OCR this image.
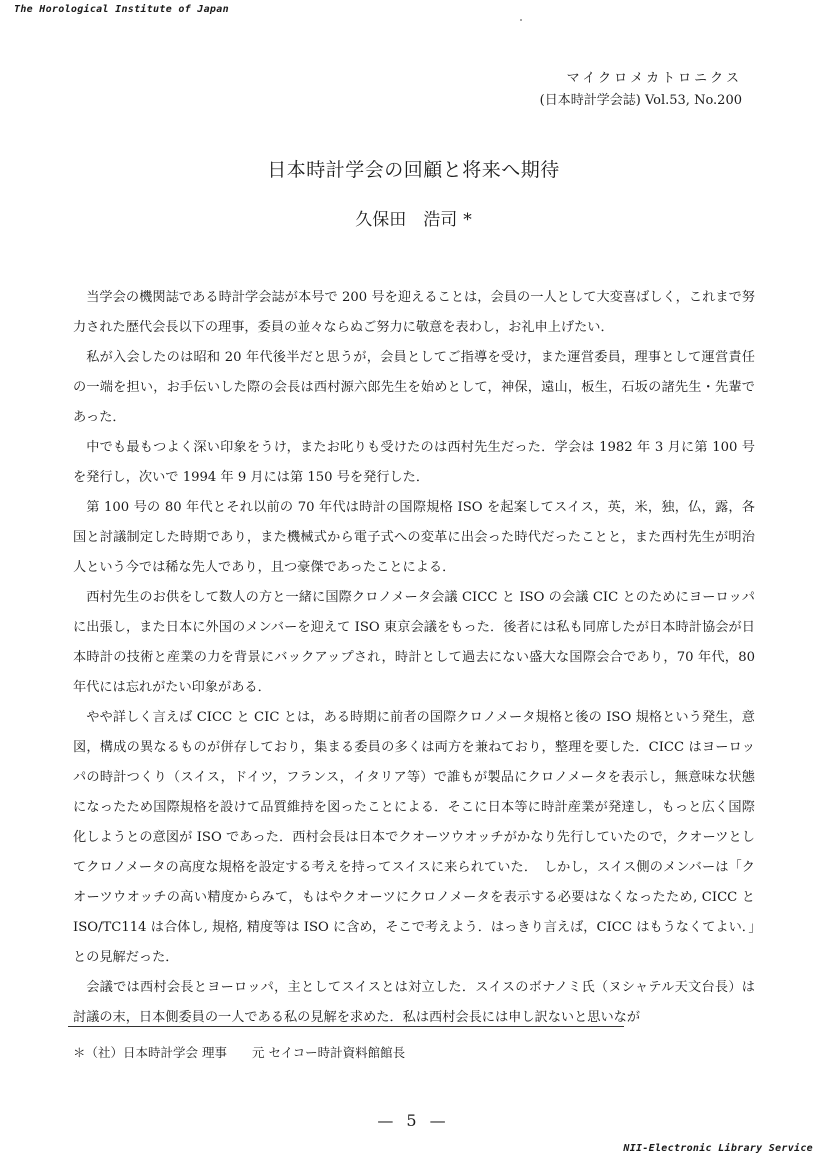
The Horological Institute of Japan
マイクロメカトロニクス
(日本時計学会誌) Vol.53, No.200
日本時計学会の回顧と将来へ期待
久保田　浩司 *

当学会の機関誌である時計学会誌が本号で 200 号を迎えることは，会員の一人として大変喜ばしく，これまで努力された歴代会長以下の理事，委員の並々ならぬご努力に敬意を表わし，お礼申上げたい．

私が入会したのは昭和 20 年代後半だと思うが，会員としてご指導を受け，また運営委員，理事として運営責任の一端を担い，お手伝いした際の会長は西村源六郎先生を始めとして，神保，遠山，板生，石坂の諸先生・先輩であった．

中でも最もつよく深い印象をうけ，またお叱りも受けたのは西村先生だった．学会は 1982 年 3 月に第 100 号を発行し，次いで 1994 年 9 月には第 150 号を発行した．

第 100 号の 80 年代とそれ以前の 70 年代は時計の国際規格 ISO を起案してスイス，英，米，独，仏，露，各国と討議制定した時期であり，また機械式から電子式への変革に出会った時代だったことと，また西村先生が明治人という今では稀な先人であり，且つ豪傑であったことによる．

西村先生のお供をして数人の方と一緒に国際クロノメータ会議 CICC と ISO の会議 CIC とのためにヨーロッパに出張し，また日本に外国のメンバーを迎えて ISO 東京会議をもった．後者には私も同席したが日本時計協会が日本時計の技術と産業の力を背景にバックアップされ，時計として過去にない盛大な国際会合であり，70 年代，80 年代には忘れがたい印象がある．

やや詳しく言えば CICC と CIC とは，ある時期に前者の国際クロノメータ規格と後の ISO 規格という発生，意図，構成の異なるものが併存しており，集まる委員の多くは両方を兼ねており，整理を要した．CICC はヨーロッパの時計つくり（スイス，ドイツ，フランス，イタリア等）で誰もが製品にクロノメータを表示し，無意味な状態になったため国際規格を設けて品質維持を図ったことによる．そこに日本等に時計産業が発達し，もっと広く国際化しようとの意図が ISO であった．西村会長は日本でクオーツウオッチがかなり先行していたので，クオーツとしてクロノメータの高度な規格を設定する考えを持ってスイスに来られていた．　しかし，スイス側のメンバーは「クオーツウオッチの高い精度からみて，もはやクオーツにクロノメータを表示する必要はなくなったため, CICC と ISO/TC114 は合体し, 規格, 精度等は ISO に含め，そこで考えよう．はっきり言えば，CICC はもうなくてよい．」との見解だった．

会議では西村会長とヨーロッパ，主としてスイスとは対立した．スイスのボナノミ氏（ヌシャテル天文台長）は討議の末，日本側委員の一人である私の見解を求めた．私は西村会長には申し訳ないと思いなが

＊（社）日本時計学会 理事　　元 セイコー時計資料館館長
— 5 —
NII-Electronic Library Service
